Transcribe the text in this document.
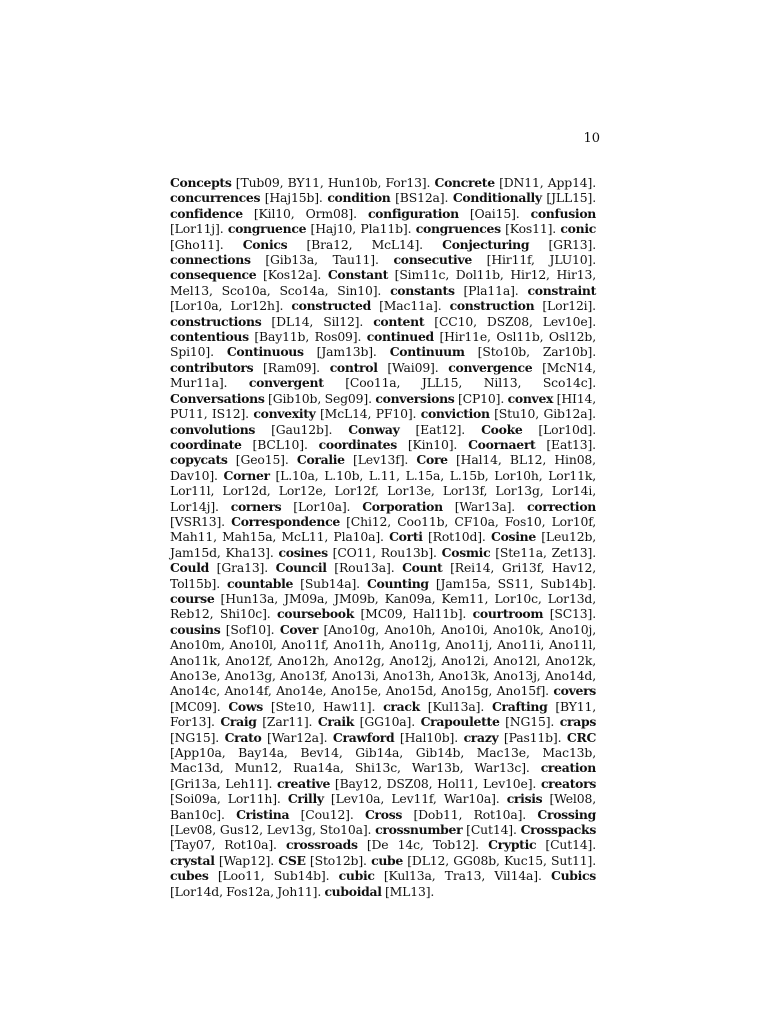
10
Concepts [Tub09, BY11, Hun10b, For13]. Concrete [DN11, App14]. concurrences [Haj15b]. condition [BS12a]. Conditionally [JLL15]. confidence [Kil10, Orm08]. configuration [Oai15]. confusion [Lor11j]. congruence [Haj10, Pla11b]. congruences [Kos11]. conic [Gho11]. Conics [Bra12, McL14]. Conjecturing [GR13]. connections [Gib13a, Tau11]. consecutive [Hir11f, JLU10]. consequence [Kos12a]. Constant [Sim11c, Dol11b, Hir12, Hir13, Mel13, Sco10a, Sco14a, Sin10]. constants [Pla11a]. constraint [Lor10a, Lor12h]. constructed [Mac11a]. construction [Lor12i]. constructions [DL14, Sil12]. content [CC10, DSZ08, Lev10e]. contentious [Bay11b, Ros09]. continued [Hir11e, Osl11b, Osl12b, Spi10]. Continuous [Jam13b]. Continuum [Sto10b, Zar10b]. contributors [Ram09]. control [Wai09]. convergence [McN14, Mur11a]. convergent [Coo11a, JLL15, Nil13, Sco14c]. Conversations [Gib10b, Seg09]. conversions [CP10]. convex [HI14, PU11, IS12]. convexity [McL14, PF10]. conviction [Stu10, Gib12a]. convolutions [Gau12b]. Conway [Eat12]. Cooke [Lor10d]. coordinate [BCL10]. coordinates [Kin10]. Coornaert [Eat13]. copycats [Geo15]. Coralie [Lev13f]. Core [Hal14, BL12, Hin08, Dav10]. Corner [L.10a, L.10b, L.11, L.15a, L.15b, Lor10h, Lor11k, Lor11l, Lor12d, Lor12e, Lor12f, Lor13e, Lor13f, Lor13g, Lor14i, Lor14j]. corners [Lor10a]. Corporation [War13a]. correction [VSR13]. Correspondence [Chi12, Coo11b, CF10a, Fos10, Lor10f, Mah11, Mah15a, McL11, Pla10a]. Corti [Rot10d]. Cosine [Leu12b, Jam15d, Kha13]. cosines [CO11, Rou13b]. Cosmic [Ste11a, Zet13]. Could [Gra13]. Council [Rou13a]. Count [Rei14, Gri13f, Hav12, Tol15b]. countable [Sub14a]. Counting [Jam15a, SS11, Sub14b]. course [Hun13a, JM09a, JM09b, Kan09a, Kem11, Lor10c, Lor13d, Reb12, Shi10c]. coursebook [MC09, Hal11b]. courtroom [SC13]. cousins [Sof10]. Cover [Ano10g, Ano10h, Ano10i, Ano10k, Ano10j, Ano10m, Ano10l, Ano11f, Ano11h, Ano11g, Ano11j, Ano11i, Ano11l, Ano11k, Ano12f, Ano12h, Ano12g, Ano12j, Ano12i, Ano12l, Ano12k, Ano13e, Ano13g, Ano13f, Ano13i, Ano13h, Ano13k, Ano13j, Ano14d, Ano14c, Ano14f, Ano14e, Ano15e, Ano15d, Ano15g, Ano15f]. covers [MC09]. Cows [Ste10, Haw11]. crack [Kul13a]. Crafting [BY11, For13]. Craig [Zar11]. Craik [GG10a]. Crapoulette [NG15]. craps [NG15]. Crato [War12a]. Crawford [Hal10b]. crazy [Pas11b]. CRC [App10a, Bay14a, Bev14, Gib14a, Gib14b, Mac13e, Mac13b, Mac13d, Mun12, Rua14a, Shi13c, War13b, War13c]. creation [Gri13a, Leh11]. creative [Bay12, DSZ08, Hol11, Lev10e]. creators [Soi09a, Lor11h]. Crilly [Lev10a, Lev11f, War10a]. crisis [Wel08, Ban10c]. Cristina [Cou12]. Cross [Dob11, Rot10a]. Crossing [Lev08, Gus12, Lev13g, Sto10a]. crossnumber [Cut14]. Crosspacks [Tay07, Rot10a]. crossroads [De 14c, Tob12]. Cryptic [Cut14]. crystal [Wap12]. CSE [Sto12b]. cube [DL12, GG08b, Kuc15, Sut11]. cubes [Loo11, Sub14b]. cubic [Kul13a, Tra13, Vil14a]. Cubics [Lor14d, Fos12a, Joh11]. cuboidal [ML13].
